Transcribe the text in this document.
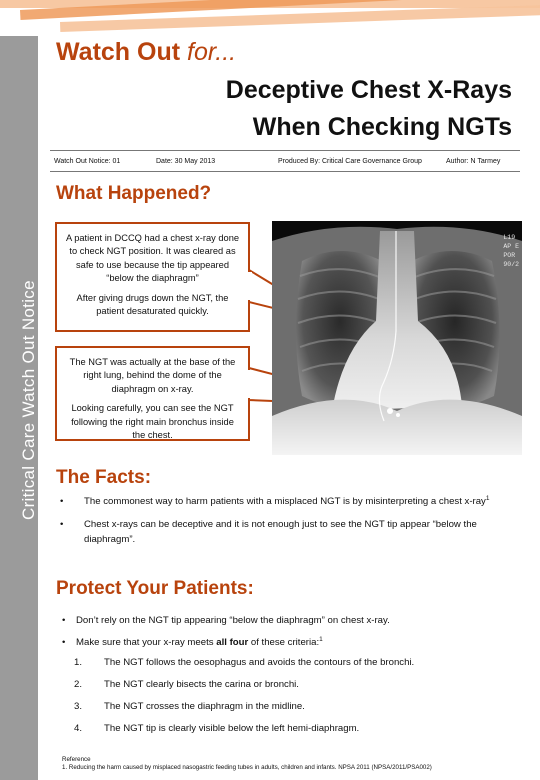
Critical Care Watch Out Notice
Watch Out for...
Deceptive Chest X-Rays
When Checking NGTs
Watch Out Notice: 01	Date: 30 May 2013	Produced By: Critical Care Governance Group	Author: N Tarmey
What Happened?

A patient in DCCQ had a chest x-ray done to check NGT position. It was cleared as safe to use because the tip appeared “below the diaphragm”

After giving drugs down the NGT, the patient desaturated quickly.

The NGT was actually at the base of the right lung, behind the dome of the diaphragm on x-ray.

Looking carefully, you can see the NGT following the right main bronchus inside the chest.

L19
AP E
POR
90/2
The Facts:
• The commonest way to harm patients with a misplaced NGT is by misinterpreting a chest x-ray$^1$
• Chest x-rays can be deceptive and it is not enough just to see the NGT tip appear “below the diaphragm”.
Protect Your Patients:
• Don’t rely on the NGT tip appearing “below the diaphragm” on chest x-ray.
• Make sure that your x-ray meets all four of these criteria:$^1$
1. The NGT follows the oesophagus and avoids the contours of the bronchi.
2. The NGT clearly bisects the carina or bronchi.
3. The NGT crosses the diaphragm in the midline.
4. The NGT tip is clearly visible below the left hemi-diaphragm.
Reference
1. Reducing the harm caused by misplaced nasogastric feeding tubes in adults, children and infants. NPSA 2011 (NPSA/2011/PSA002)
